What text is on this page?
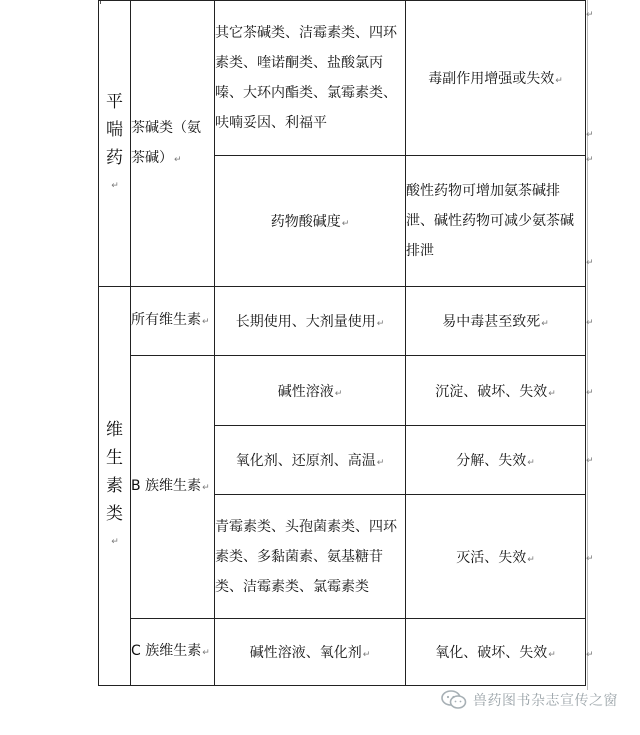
平
喘
药
↵	茶碱类（氨茶碱）↵	其它茶碱类、洁霉素类、四环素类、喹诺酮类、盐酸氯丙嗪、大环内酯类、氯霉素类、呋喃妥因、利福平	毒副作用增强或失效↵
		药物酸碱度↵	酸性药物可增加氨茶碱排泄、碱性药物可减少氨茶碱排泄

维
生
素
类
↵	所有维生素↵	长期使用、大剂量使用↵	易中毒甚至致死↵
	B 族维生素↵	碱性溶液↵	沉淀、破坏、失效↵
		氧化剂、还原剂、高温↵	分解、失效↵
		青霉素类、头孢菌素类、四环素类、多黏菌素、氨基糖苷类、洁霉素类、氯霉素类	灭活、失效↵
	C 族维生素↵	碱性溶液、氧化剂↵	氧化、破坏、失效↵
↵
↵
↵
↵
↵
↵
↵
↵
↵
兽药图书杂志宣传之窗
